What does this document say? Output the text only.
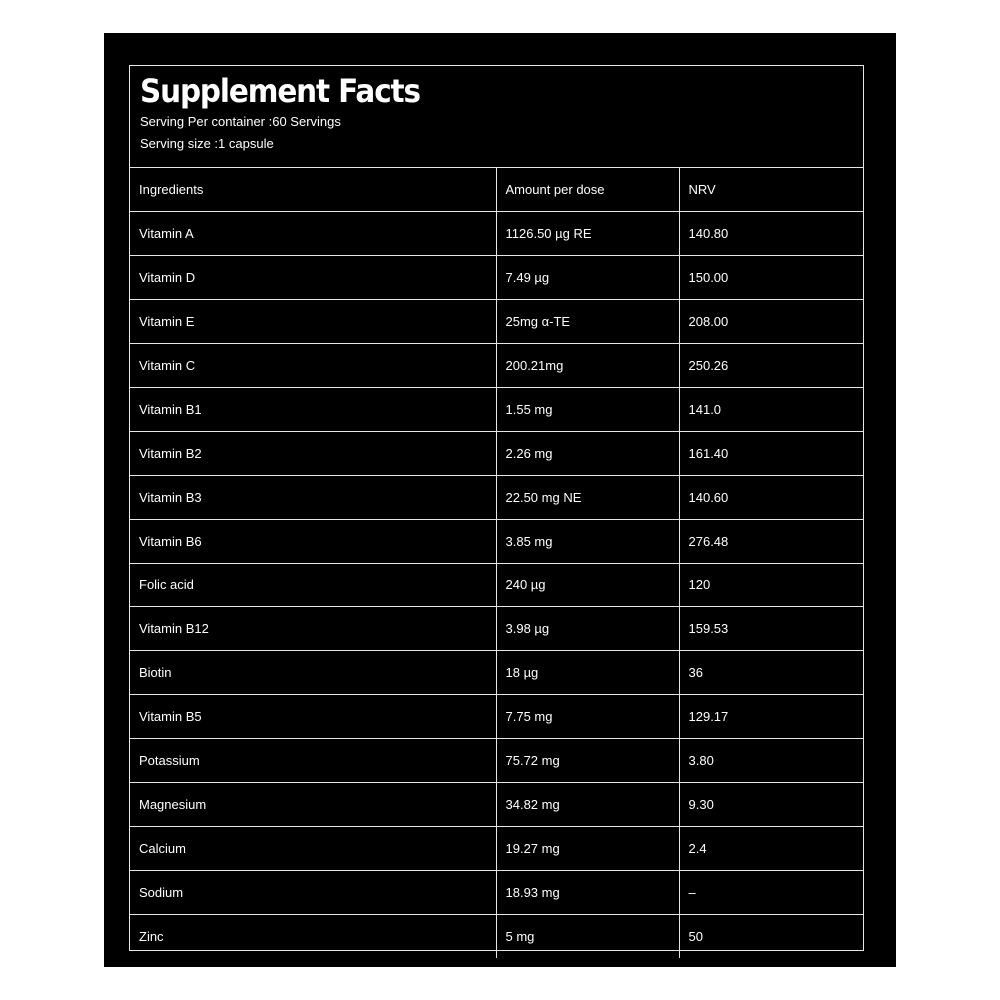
Supplement Facts
Serving Per container :60 Servings
Serving size :1 capsule
Ingredients	Amount per dose	NRV
Vitamin A	1126.50 µg RE	140.80
Vitamin D	7.49 µg	150.00
Vitamin E	25mg α-TE	208.00
Vitamin C	200.21mg	250.26
Vitamin B1	1.55 mg	141.0
Vitamin B2	2.26 mg	161.40
Vitamin B3	22.50 mg NE	140.60
Vitamin B6	3.85 mg	276.48
Folic acid	240 µg	120
Vitamin B12	3.98 µg	159.53
Biotin	18 µg	36
Vitamin B5	7.75 mg	129.17
Potassium	75.72 mg	3.80
Magnesium	34.82 mg	9.30
Calcium	19.27 mg	2.4
Sodium	18.93 mg	–
Zinc	5 mg	50
